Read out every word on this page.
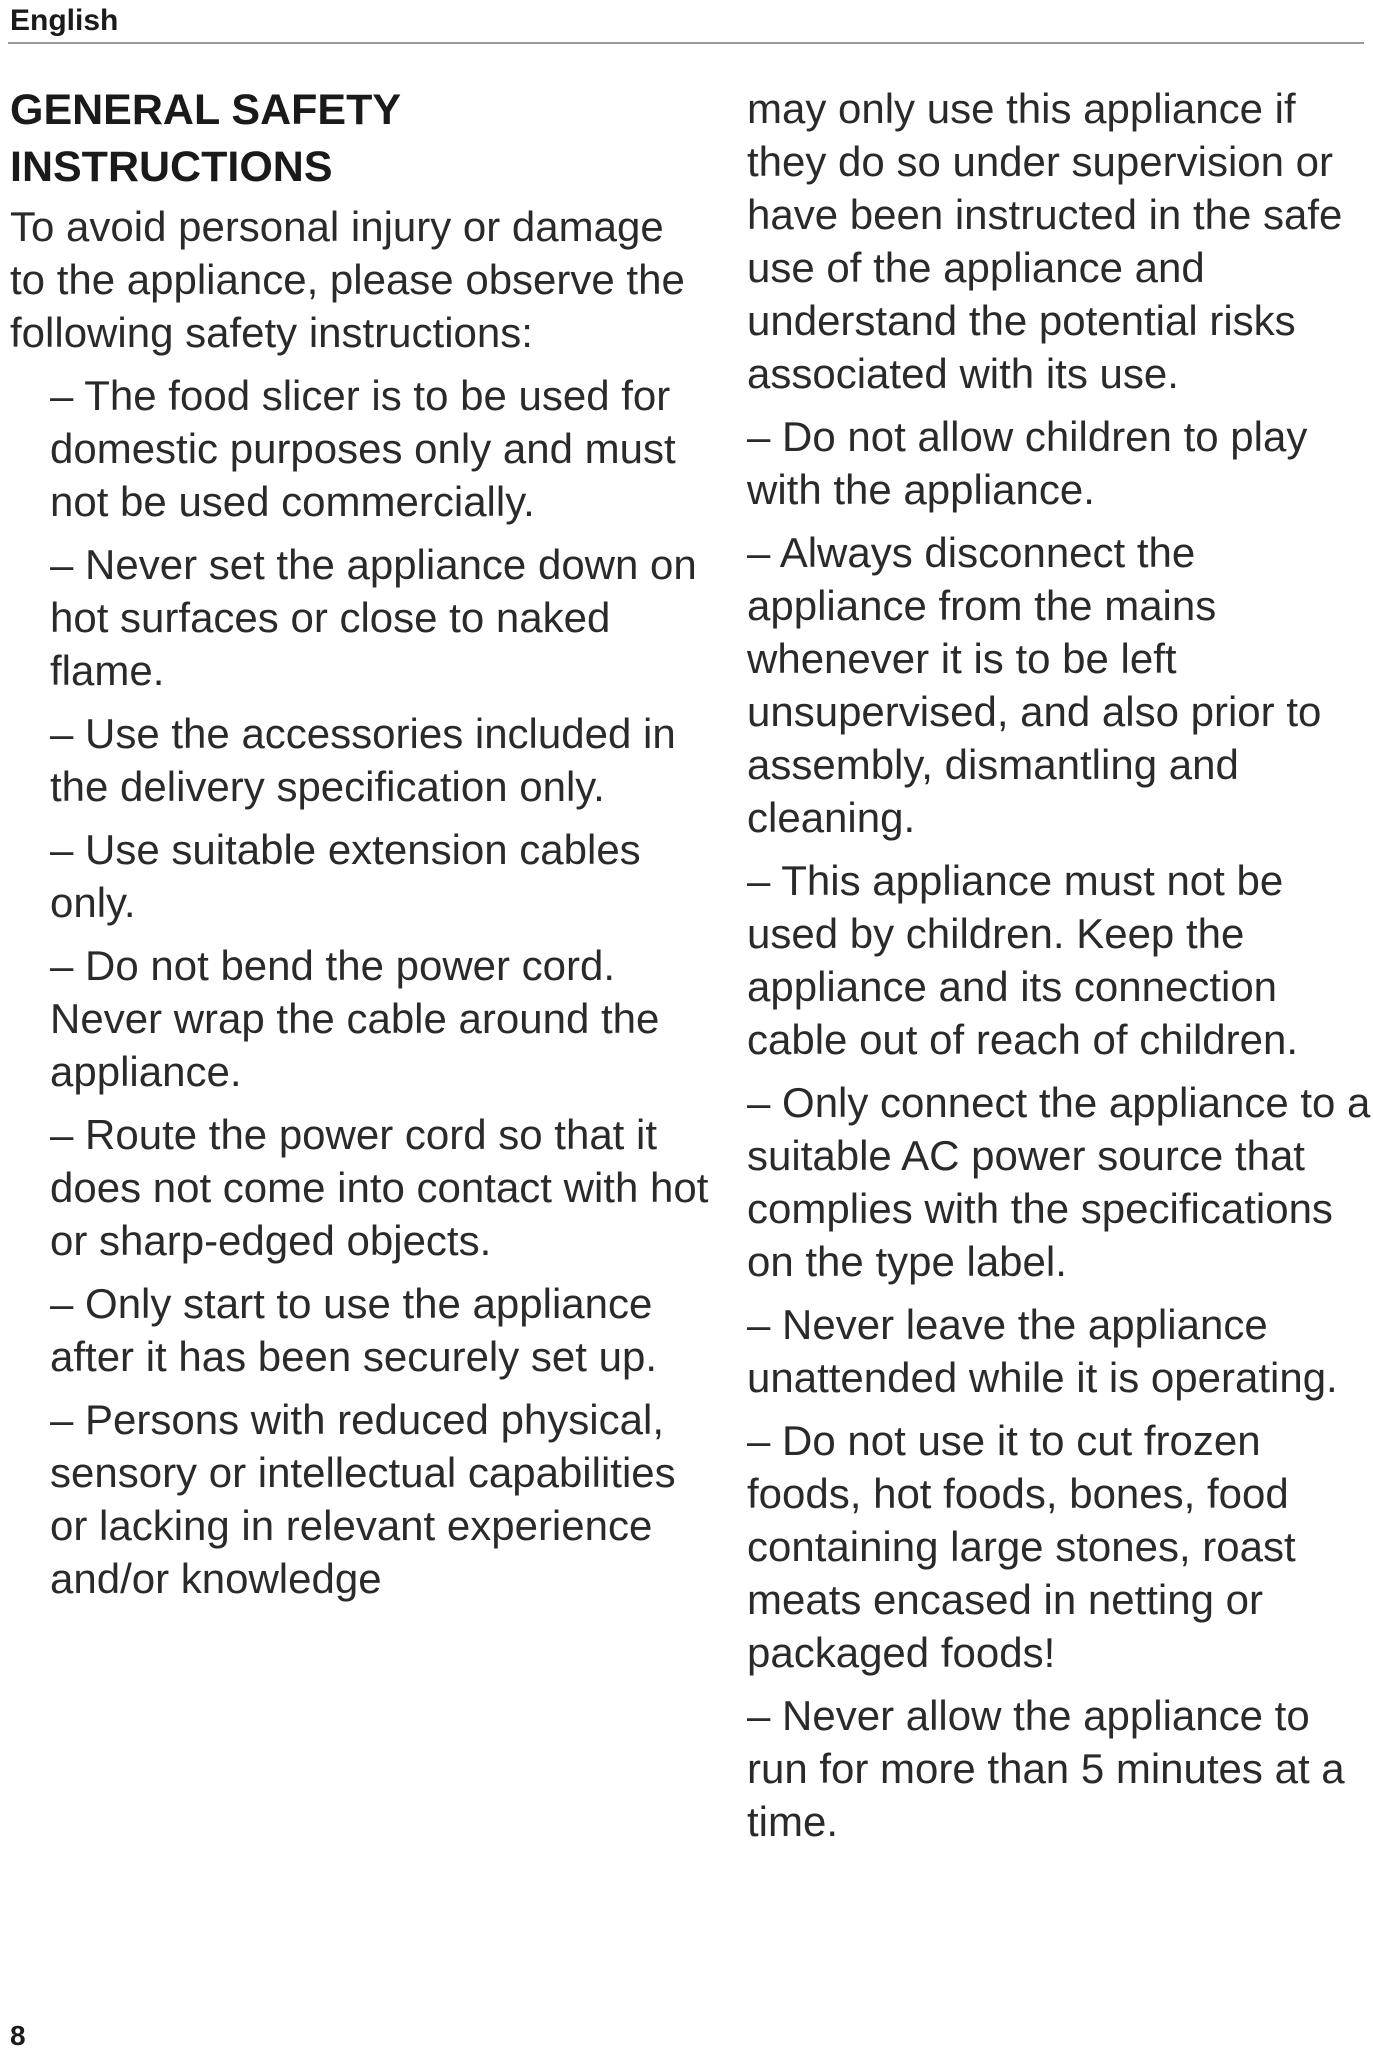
English
GENERAL SAFETY
INSTRUCTIONS

To avoid personal injury or damage to the appliance, please observe the following safety instructions:

– The food slicer is to be used for domestic purposes only and must not be used commercially.

– Never set the appliance down on hot surfaces or close to naked flame.

– Use the accessories included in the delivery specification only.

– Use suitable extension cables only.

– Do not bend the power cord. Never wrap the cable around the appliance.

– Route the power cord so that it does not come into contact with hot or sharp-edged objects.

– Only start to use the appliance after it has been securely set up.

– Persons with reduced physical, sensory or intellectual capabilities or lacking in relevant experience and/or knowledge

may only use this appliance if they do so under supervision or have been instructed in the safe use of the appliance and understand the potential risks associated with its use.

– Do not allow children to play with the appliance.

– Always disconnect the appliance from the mains whenever it is to be left unsupervised, and also prior to assembly, dismantling and cleaning.

– This appliance must not be used by children. Keep the appliance and its connection cable out of reach of children.

– Only connect the appliance to a suitable AC power source that complies with the specifications on the type label.

– Never leave the appliance unattended while it is operating.

– Do not use it to cut frozen foods, hot foods, bones, food containing large stones, roast meats encased in netting or packaged foods!

– Never allow the appliance to run for more than 5 minutes at a time.

8
